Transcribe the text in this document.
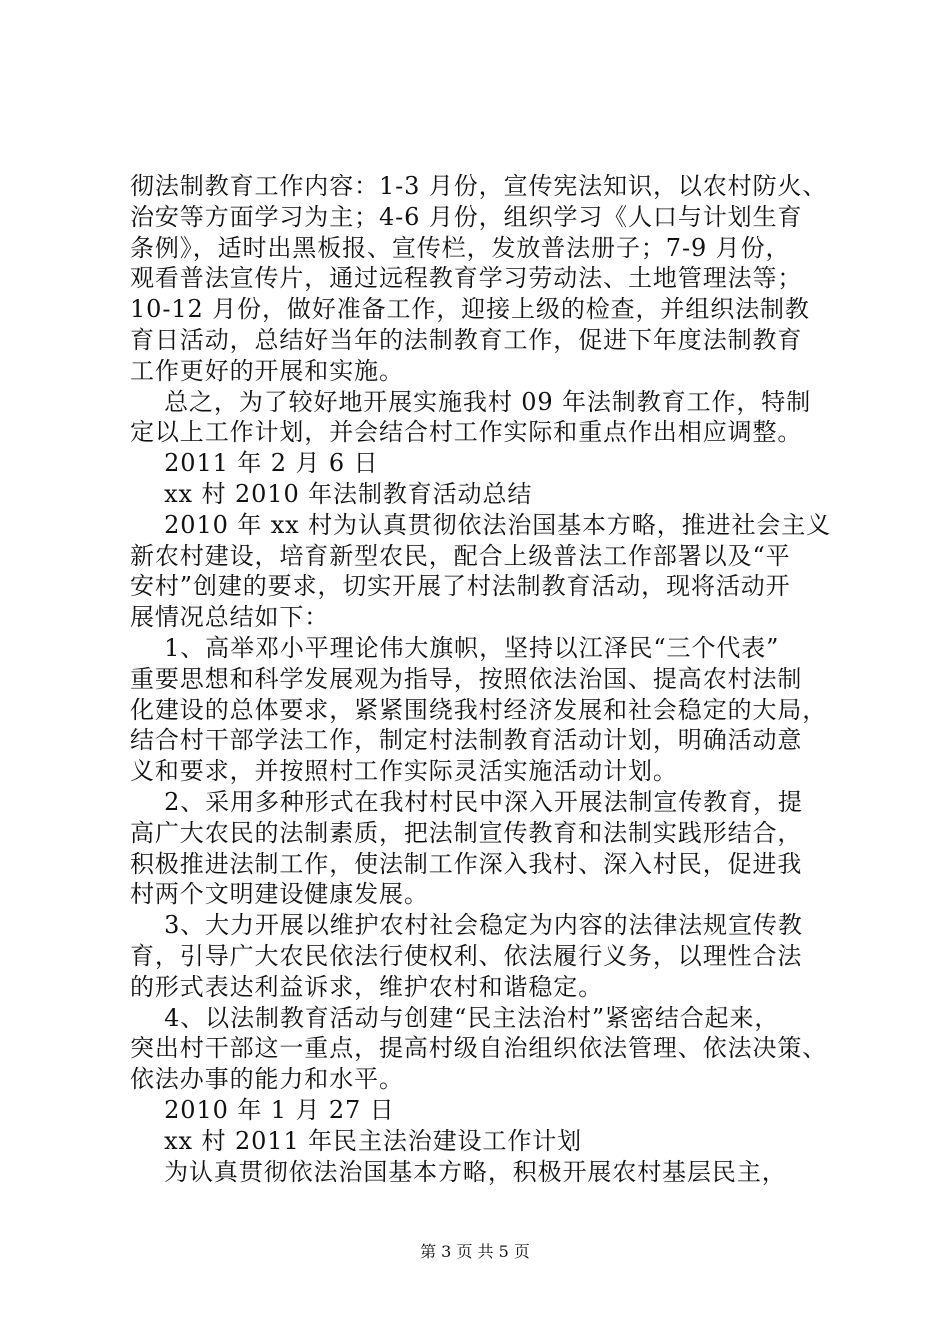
彻法制教育工作内容：1-3 月份，宣传宪法知识，以农村防火、
治安等方面学习为主；4-6 月份，组织学习《人口与计划生育
条例》，适时出黑板报、宣传栏，发放普法册子；7-9 月份，
观看普法宣传片，通过远程教育学习劳动法、土地管理法等；
10-12 月份，做好准备工作，迎接上级的检查，并组织法制教
育日活动，总结好当年的法制教育工作，促进下年度法制教育
工作更好的开展和实施。
总之，为了较好地开展实施我村 09 年法制教育工作，特制
定以上工作计划，并会结合村工作实际和重点作出相应调整。
2011 年 2 月 6 日
xx 村 2010 年法制教育活动总结
2010 年 xx 村为认真贯彻依法治国基本方略，推进社会主义
新农村建设，培育新型农民，配合上级普法工作部署以及“平
安村”创建的要求，切实开展了村法制教育活动，现将活动开
展情况总结如下：
1、高举邓小平理论伟大旗帜，坚持以江泽民“三个代表”
重要思想和科学发展观为指导，按照依法治国、提高农村法制
化建设的总体要求，紧紧围绕我村经济发展和社会稳定的大局，
结合村干部学法工作，制定村法制教育活动计划，明确活动意
义和要求，并按照村工作实际灵活实施活动计划。
2、采用多种形式在我村村民中深入开展法制宣传教育，提
高广大农民的法制素质，把法制宣传教育和法制实践形结合，
积极推进法制工作，使法制工作深入我村、深入村民，促进我
村两个文明建设健康发展。
3、大力开展以维护农村社会稳定为内容的法律法规宣传教
育，引导广大农民依法行使权利、依法履行义务，以理性合法
的形式表达利益诉求，维护农村和谐稳定。
4、以法制教育活动与创建“民主法治村”紧密结合起来，
突出村干部这一重点，提高村级自治组织依法管理、依法决策、
依法办事的能力和水平。
2010 年 1 月 27 日
xx 村 2011 年民主法治建设工作计划
为认真贯彻依法治国基本方略，积极开展农村基层民主，
第 3 页 共 5 页
